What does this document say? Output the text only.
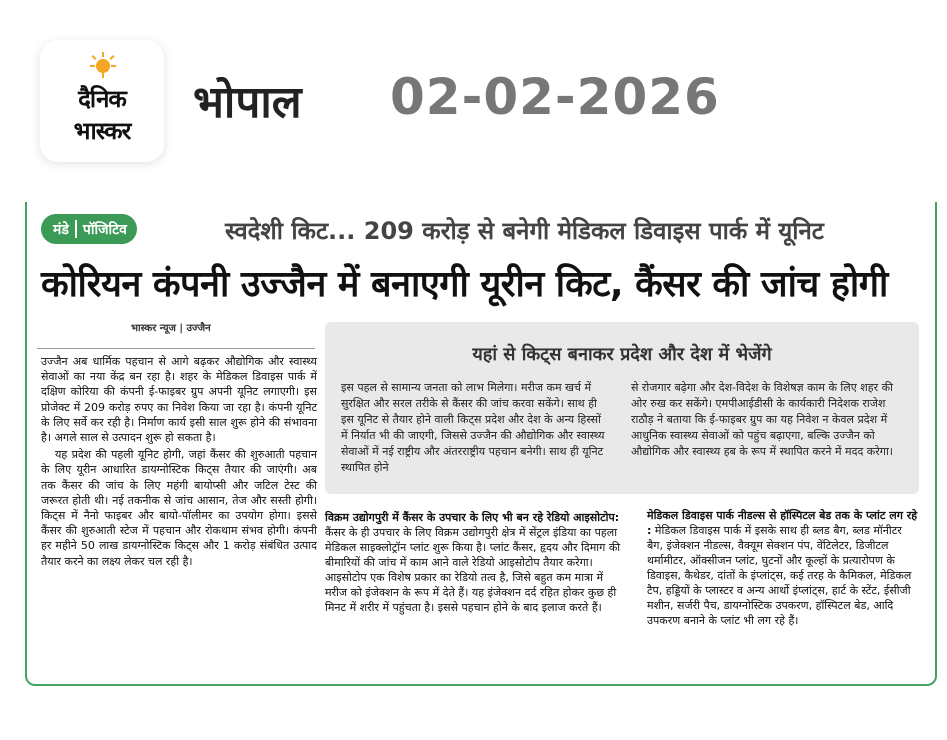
दैनिक
भास्कर
भोपाल 02-02-2026
मंडे पॉजिटिव	स्वदेशी किट... 209 करोड़ से बनेगी मेडिकल डिवाइस पार्क में यूनिट
कोरियन कंपनी उज्जैन में बनाएगी यूरीन किट, कैंसर की जांच होगी
भास्कर न्यूज | उज्जैन

उज्जैन अब धार्मिक पहचान से आगे बढ़कर औद्योगिक और स्वास्थ्य सेवाओं का नया केंद्र बन रहा है। शहर के मेडिकल डिवाइस पार्क में दक्षिण कोरिया की कंपनी ई-फाइबर ग्रुप अपनी यूनिट लगाएगी। इस प्रोजेक्ट में 209 करोड़ रुपए का निवेश किया जा रहा है। कंपनी यूनिट के लिए सर्वे कर रही है। निर्माण कार्य इसी साल शुरू होने की संभावना है। अगले साल से उत्पादन शुरू हो सकता है।

यह प्रदेश की पहली यूनिट होगी, जहां कैंसर की शुरुआती पहचान के लिए यूरीन आधारित डायग्नोस्टिक किट्स तैयार की जाएंगी। अब तक कैंसर की जांच के लिए महंगी बायोप्सी और जटिल टेस्ट की जरूरत होती थी। नई तकनीक से जांच आसान, तेज और सस्ती होगी। किट्स में नैनो फाइबर और बायो-पॉलीमर का उपयोग होगा। इससे कैंसर की शुरुआती स्टेज में पहचान और रोकथाम संभव होगी। कंपनी हर महीने 50 लाख डायग्नोस्टिक किट्स और 1 करोड़ संबंधित उत्पाद तैयार करने का लक्ष्य लेकर चल रही है।

यहां से किट्स बनाकर प्रदेश और देश में भेजेंगे
इस पहल से सामान्य जनता को लाभ मिलेगा। मरीज कम खर्च में सुरक्षित और सरल तरीके से कैंसर की जांच करवा सकेंगे। साथ ही इस यूनिट से तैयार होने वाली किट्स प्रदेश और देश के अन्य हिस्सों में निर्यात भी की जाएगी, जिससे उज्जैन की औद्योगिक और स्वास्थ्य सेवाओं में नई राष्ट्रीय और अंतरराष्ट्रीय पहचान बनेगी। साथ ही यूनिट स्थापित होने
से रोजगार बढ़ेगा और देश-विदेश के विशेषज्ञ काम के लिए शहर की ओर रुख कर सकेंगे। एमपीआईडीसी के कार्यकारी निदेशक राजेश राठौड़ ने बताया कि ई-फाइबर ग्रुप का यह निवेश न केवल प्रदेश में आधुनिक स्वास्थ्य सेवाओं को पहुंच बढ़ाएगा, बल्कि उज्जैन को औद्योगिक और स्वास्थ्य हब के रूप में स्थापित करने में मदद करेगा।
विक्रम उद्योगपुरी में कैंसर के उपचार के लिए भी बन रहे रेडियो आइसोटोप: कैंसर के ही उपचार के लिए विक्रम उद्योगपुरी क्षेत्र में सेंट्रल इंडिया का पहला मेडिकल साइक्लोट्रॉन प्लांट शुरू किया है। प्लांट कैंसर, हृदय और दिमाग की बीमारियों की जांच में काम आने वाले रेडियो आइसोटोप तैयार करेगा। आइसोटोप एक विशेष प्रकार का रेडियो तत्व है, जिसे बहुत कम मात्रा में मरीज को इंजेक्शन के रूप में देते हैं। यह इंजेक्शन दर्द रहित होकर कुछ ही मिनट में शरीर में पहुंचता है। इससे पहचान होने के बाद इलाज करते हैं।
मेडिकल डिवाइस पार्क नीडल्स से हॉस्पिटल बेड तक के प्लांट लग रहे : मेडिकल डिवाइस पार्क में इसके साथ ही ब्लड बैग, ब्लड मॉनीटर बैग, इंजेक्शन नीडल्स, वैक्यूम सेक्शन पंप, वेंटिलेटर, डिजीटल थर्मामीटर, ऑक्सीजन प्लांट, घुटनों और कूल्हों के प्रत्यारोपण के डिवाइस, कैथेडर, दांतों के इंप्लांट्स, कई तरह के कैमिकल, मेडिकल टैप, हड्डियों के प्लास्टर व अन्य आर्थो इंप्लांट्स, हार्ट के स्टेंट, ईसीजी मशीन, सर्जरी पैच, डायग्नोस्टिक उपकरण, हॉस्पिटल बेड, आदि उपकरण बनाने के प्लांट भी लग रहे हैं।
